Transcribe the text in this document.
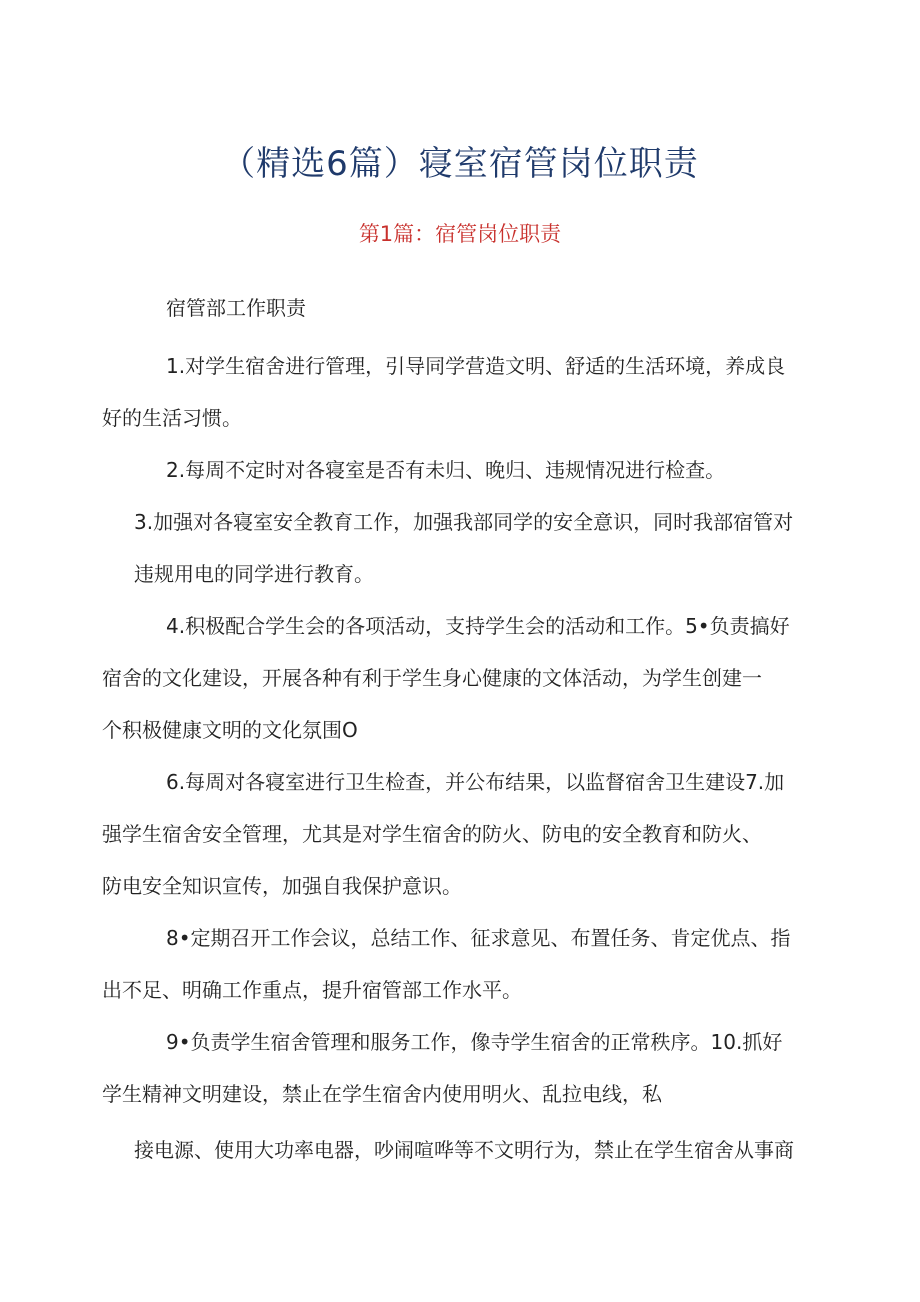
（精选6篇）寝室宿管岗位职责
第1篇：宿管岗位职责

宿管部工作职责

1.对学生宿舍进行管理，引导同学营造文明、舒适的生活环境，养成良
好的生活习惯。

2.每周不定时对各寝室是否有未归、晚归、违规情况进行检查。

3.加强对各寝室安全教育工作，加强我部同学的安全意识，同时我部宿管对
违规用电的同学进行教育。

4.积极配合学生会的各项活动，支持学生会的活动和工作。5•负责搞好
宿舍的文化建设，开展各种有利于学生身心健康的文体活动，为学生创建一
个积极健康文明的文化氛围O

6.每周对各寝室进行卫生检查，并公布结果，以监督宿舍卫生建设7.加
强学生宿舍安全管理，尤其是对学生宿舍的防火、防电的安全教育和防火、
防电安全知识宣传，加强自我保护意识。

8•定期召开工作会议，总结工作、征求意见、布置任务、肯定优点、指
出不足、明确工作重点，提升宿管部工作水平。

9•负责学生宿舍管理和服务工作，像寺学生宿舍的正常秩序。10.抓好
学生精神文明建设，禁止在学生宿舍内使用明火、乱拉电线，私

接电源、使用大功率电器，吵闹喧哗等不文明行为，禁止在学生宿舍从事商
